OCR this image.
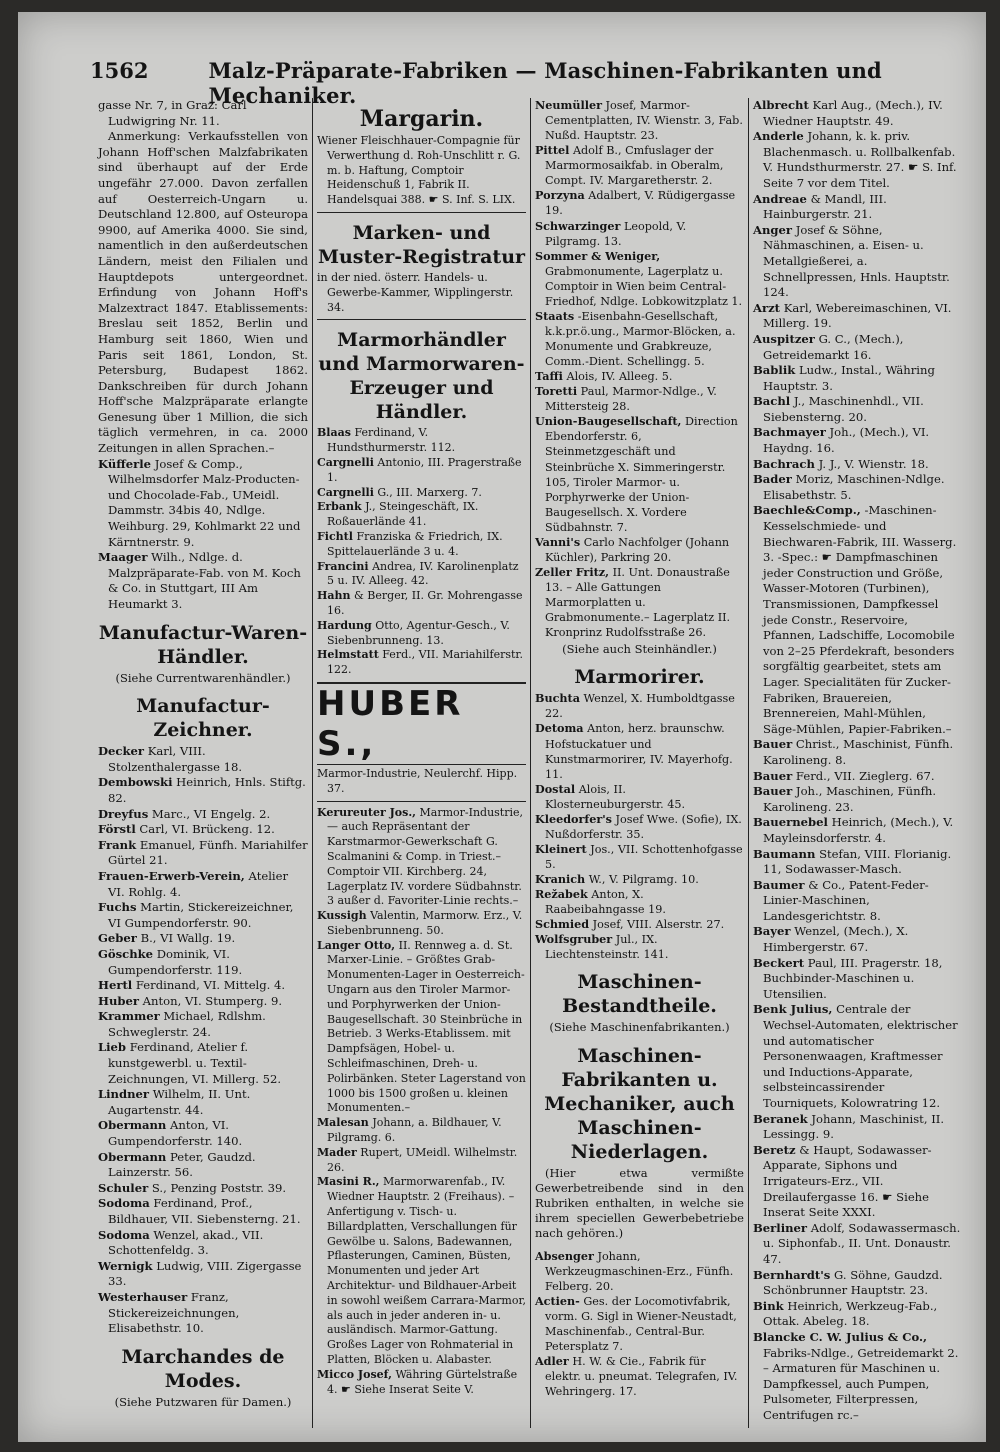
1562	Malz-Präparate-Fabriken — Maschinen-Fabrikanten und Mechaniker.
gasse Nr. 7, in Graz: Carl Ludwigring Nr. 11.
Anmerkung: Verkaufsstellen von Johann Hoff'schen Malzfabrikaten sind überhaupt auf der Erde ungefähr 27.000. Davon zerfallen auf Oesterreich-Ungarn u. Deutschland 12.800, auf Osteuropa 9900, auf Amerika 4000. Sie sind, namentlich in den außerdeutschen Ländern, meist den Filialen und Hauptdepots untergeordnet. Erfindung von Johann Hoff's Malzextract 1847. Etablissements: Breslau seit 1852, Berlin und Hamburg seit 1860, Wien und Paris seit 1861, London, St. Petersburg, Budapest 1862. Dankschreiben für durch Johann Hoff'sche Malzpräparate erlangte Genesung über 1 Million, die sich täglich vermehren, in ca. 2000 Zeitungen in allen Sprachen.–
Küfferle Josef & Comp., Wilhelmsdorfer Malz-Producten- und Chocolade-Fab., UMeidl. Dammstr. 34bis 40, Ndlge. Weihburg. 29, Kohlmarkt 22 und Kärntnerstr. 9.
Maager Wilh., Ndlge. d. Malzpräparate-Fab. von M. Koch & Co. in Stuttgart, III Am Heumarkt 3.
Manufactur-Waren-Händler.
(Siehe Currentwarenhändler.)
Manufactur-Zeichner.
Decker Karl, VIII. Stolzenthalergasse 18.
Dembowski Heinrich, Hnls. Stiftg. 82.
Dreyfus Marc., VI Engelg. 2.
Förstl Carl, VI. Brückeng. 12.
Frank Emanuel, Fünfh. Mariahilfer Gürtel 21.
Frauen-Erwerb-Verein, Atelier VI. Rohlg. 4.
Fuchs Martin, Stickereizeichner, VI Gumpendorferstr. 90.
Geber B., VI Wallg. 19.
Göschke Dominik, VI. Gumpendorferstr. 119.
Hertl Ferdinand, VI. Mittelg. 4.
Huber Anton, VI. Stumperg. 9.
Krammer Michael, Rdlshm. Schweglerstr. 24.
Lieb Ferdinand, Atelier f. kunstgewerbl. u. Textil-Zeichnungen, VI. Millerg. 52.
Lindner Wilhelm, II. Unt. Augartenstr. 44.
Obermann Anton, VI. Gumpendorferstr. 140.
Obermann Peter, Gaudzd. Lainzerstr. 56.
Schuler S., Penzing Poststr. 39.
Sodoma Ferdinand, Prof., Bildhauer, VII. Siebensterng. 21.
Sodoma Wenzel, akad., VII. Schottenfeldg. 3.
Wernigk Ludwig, VIII. Zigergasse 33.
Westerhauser Franz, Stickereizeichnungen, Elisabethstr. 10.
Marchandes de Modes.
(Siehe Putzwaren für Damen.)
Margarin.
Wiener Fleischhauer-Compagnie für Verwerthung d. Roh-Unschlitt r. G. m. b. Haftung, Comptoir Heidenschuß 1, Fabrik II. Handelsquai 388. ☛ S. Inf. S. LIX.
Marken- und Muster-Registratur
in der nied. österr. Handels- u. Gewerbe-Kammer, Wipplingerstr. 34.
Marmorhändler und Marmorwaren-Erzeuger und Händler.
Blaas Ferdinand, V. Hundsthurmerstr. 112.
Cargnelli Antonio, III. Pragerstraße 1.
Cargnelli G., III. Marxerg. 7.
Erbank J., Steingeschäft, IX. Roßauerlände 41.
Fichtl Franziska & Friedrich, IX. Spittelauerlände 3 u. 4.
Francini Andrea, IV. Karolinenplatz 5 u. IV. Alleeg. 42.
Hahn & Berger, II. Gr. Mohrengasse 16.
Hardung Otto, Agentur-Gesch., V. Siebenbrunneng. 13.
Helmstatt Ferd., VII. Mariahilferstr. 122.
HUBER S.,
Marmor-Industrie, Neulerchf. Hipp. 37.
Kerureuter Jos., Marmor-Industrie, — auch Repräsentant der Karstmarmor-Gewerkschaft G. Scalmanini & Comp. in Triest.– Comptoir VII. Kirchberg. 24, Lagerplatz IV. vordere Südbahnstr. 3 außer d. Favoriter-Linie rechts.–
Kussigh Valentin, Marmorw. Erz., V. Siebenbrunneng. 50.
Langer Otto, II. Rennweg a. d. St. Marxer-Linie. – Größtes Grab-Monumenten-Lager in Oesterreich-Ungarn aus den Tiroler Marmor- und Porphyrwerken der Union-Baugesellschaft. 30 Steinbrüche in Betrieb. 3 Werks-Etablissem. mit Dampfsägen, Hobel- u. Schleifmaschinen, Dreh- u. Polirbänken. Steter Lagerstand von 1000 bis 1500 großen u. kleinen Monumenten.–
Malesan Johann, a. Bildhauer, V. Pilgramg. 6.
Mader Rupert, UMeidl. Wilhelmstr. 26.
Masini R., Marmorwarenfab., IV. Wiedner Hauptstr. 2 (Freihaus). – Anfertigung v. Tisch- u. Billardplatten, Verschallungen für Gewölbe u. Salons, Badewannen, Pflasterungen, Caminen, Büsten, Monumenten und jeder Art Architektur- und Bildhauer-Arbeit in sowohl weißem Carrara-Marmor, als auch in jeder anderen in- u. ausländisch. Marmor-Gattung. Großes Lager von Rohmaterial in Platten, Blöcken u. Alabaster.
Micco Josef, Währing Gürtelstraße 4. ☛ Siehe Inserat Seite V.
Neumüller Josef, Marmor-Cementplatten, IV. Wienstr. 3, Fab. Nußd. Hauptstr. 23.
Pittel Adolf B., Cmfuslager der Marmormosaikfab. in Oberalm, Compt. IV. Margaretherstr. 2.
Porzyna Adalbert, V. Rüdigergasse 19.
Schwarzinger Leopold, V. Pilgramg. 13.
Sommer & Weniger, Grabmonumente, Lagerplatz u. Comptoir in Wien beim Central-Friedhof, Ndlge. Lobkowitzplatz 1.
Staats -Eisenbahn-Gesellschaft, k.k.pr.ö.ung., Marmor-Blöcken, a. Monumente und Grabkreuze, Comm.-Dient. Schellingg. 5.
Taffi Alois, IV. Alleeg. 5.
Toretti Paul, Marmor-Ndlge., V. Mittersteig 28.
Union-Baugesellschaft, Direction Ebendorferstr. 6, Steinmetzgeschäft und Steinbrüche X. Simmeringerstr. 105, Tiroler Marmor- u. Porphyrwerke der Union-Baugesellsch. X. Vordere Südbahnstr. 7.
Vanni's Carlo Nachfolger (Johann Küchler), Parkring 20.
Zeller Fritz, II. Unt. Donaustraße 13. – Alle Gattungen Marmorplatten u. Grabmonumente.– Lagerplatz II. Kronprinz Rudolfsstraße 26.
(Siehe auch Steinhändler.)
Marmorirer.
Buchta Wenzel, X. Humboldtgasse 22.
Detoma Anton, herz. braunschw. Hofstuckatuer und Kunstmarmorirer, IV. Mayerhofg. 11.
Dostal Alois, II. Klosterneuburgerstr. 45.
Kleedorfer's Josef Wwe. (Sofie), IX. Nußdorferstr. 35.
Kleinert Jos., VII. Schottenhofgasse 5.
Kranich W., V. Pilgramg. 10.
Režabek Anton, X. Raabeibahngasse 19.
Schmied Josef, VIII. Alserstr. 27.
Wolfsgruber Jul., IX. Liechtensteinstr. 141.
Maschinen-Bestandtheile.
(Siehe Maschinenfabrikanten.)
Maschinen-Fabrikanten u. Mechaniker, auch Maschinen-Niederlagen.
(Hier etwa vermißte Gewerbetreibende sind in den Rubriken enthalten, in welche sie ihrem speciellen Gewerbebetriebe nach gehören.)
Absenger Johann, Werkzeugmaschinen-Erz., Fünfh. Felberg. 20.
Actien- Ges. der Locomotivfabrik, vorm. G. Sigl in Wiener-Neustadt, Maschinenfab., Central-Bur. Petersplatz 7.
Adler H. W. & Cie., Fabrik für elektr. u. pneumat. Telegrafen, IV. Wehringerg. 17.
Albrecht Karl Aug., (Mech.), IV. Wiedner Hauptstr. 49.
Anderle Johann, k. k. priv. Blachenmasch. u. Rollbalkenfab. V. Hundsthurmerstr. 27. ☛ S. Inf. Seite 7 vor dem Titel.
Andreae & Mandl, III. Hainburgerstr. 21.
Anger Josef & Söhne, Nähmaschinen, a. Eisen- u. Metallgießerei, a. Schnellpressen, Hnls. Hauptstr. 124.
Arzt Karl, Webereimaschinen, VI. Millerg. 19.
Auspitzer G. C., (Mech.), Getreidemarkt 16.
Bablik Ludw., Instal., Währing Hauptstr. 3.
Bachl J., Maschinenhdl., VII. Siebensterng. 20.
Bachmayer Joh., (Mech.), VI. Haydng. 16.
Bachrach J. J., V. Wienstr. 18.
Bader Moriz, Maschinen-Ndlge. Elisabethstr. 5.
Baechle&Comp., -Maschinen-Kesselschmiede- und Biechwaren-Fabrik, III. Wasserg. 3. -Spec.: ☛ Dampfmaschinen jeder Construction und Größe, Wasser-Motoren (Turbinen), Transmissionen, Dampfkessel jede Constr., Reservoire, Pfannen, Ladschiffe, Locomobile von 2–25 Pferdekraft, besonders sorgfältig gearbeitet, stets am Lager. Specialitäten für Zucker-Fabriken, Brauereien, Brennereien, Mahl-Mühlen, Säge-Mühlen, Papier-Fabriken.–
Bauer Christ., Maschinist, Fünfh. Karolineng. 8.
Bauer Ferd., VII. Zieglerg. 67.
Bauer Joh., Maschinen, Fünfh. Karolineng. 23.
Bauernebel Heinrich, (Mech.), V. Mayleinsdorferstr. 4.
Baumann Stefan, VIII. Florianig. 11, Sodawasser-Masch.
Baumer & Co., Patent-Feder-Linier-Maschinen, Landesgerichtstr. 8.
Bayer Wenzel, (Mech.), X. Himbergerstr. 67.
Beckert Paul, III. Pragerstr. 18, Buchbinder-Maschinen u. Utensilien.
Benk Julius, Centrale der Wechsel-Automaten, elektrischer und automatischer Personenwaagen, Kraftmesser und Inductions-Apparate, selbsteincassirender Tourniquets, Kolowratring 12.
Beranek Johann, Maschinist, II. Lessingg. 9.
Beretz & Haupt, Sodawasser-Apparate, Siphons und Irrigateurs-Erz., VII. Dreilaufergasse 16. ☛ Siehe Inserat Seite XXXI.
Berliner Adolf, Sodawassermasch. u. Siphonfab., II. Unt. Donaustr. 47.
Bernhardt's G. Söhne, Gaudzd. Schönbrunner Hauptstr. 23.
Bink Heinrich, Werkzeug-Fab., Ottak. Abeleg. 18.
Blancke C. W. Julius & Co., Fabriks-Ndlge., Getreidemarkt 2. – Armaturen für Maschinen u. Dampfkessel, auch Pumpen, Pulsometer, Filterpressen, Centrifugen rc.–
